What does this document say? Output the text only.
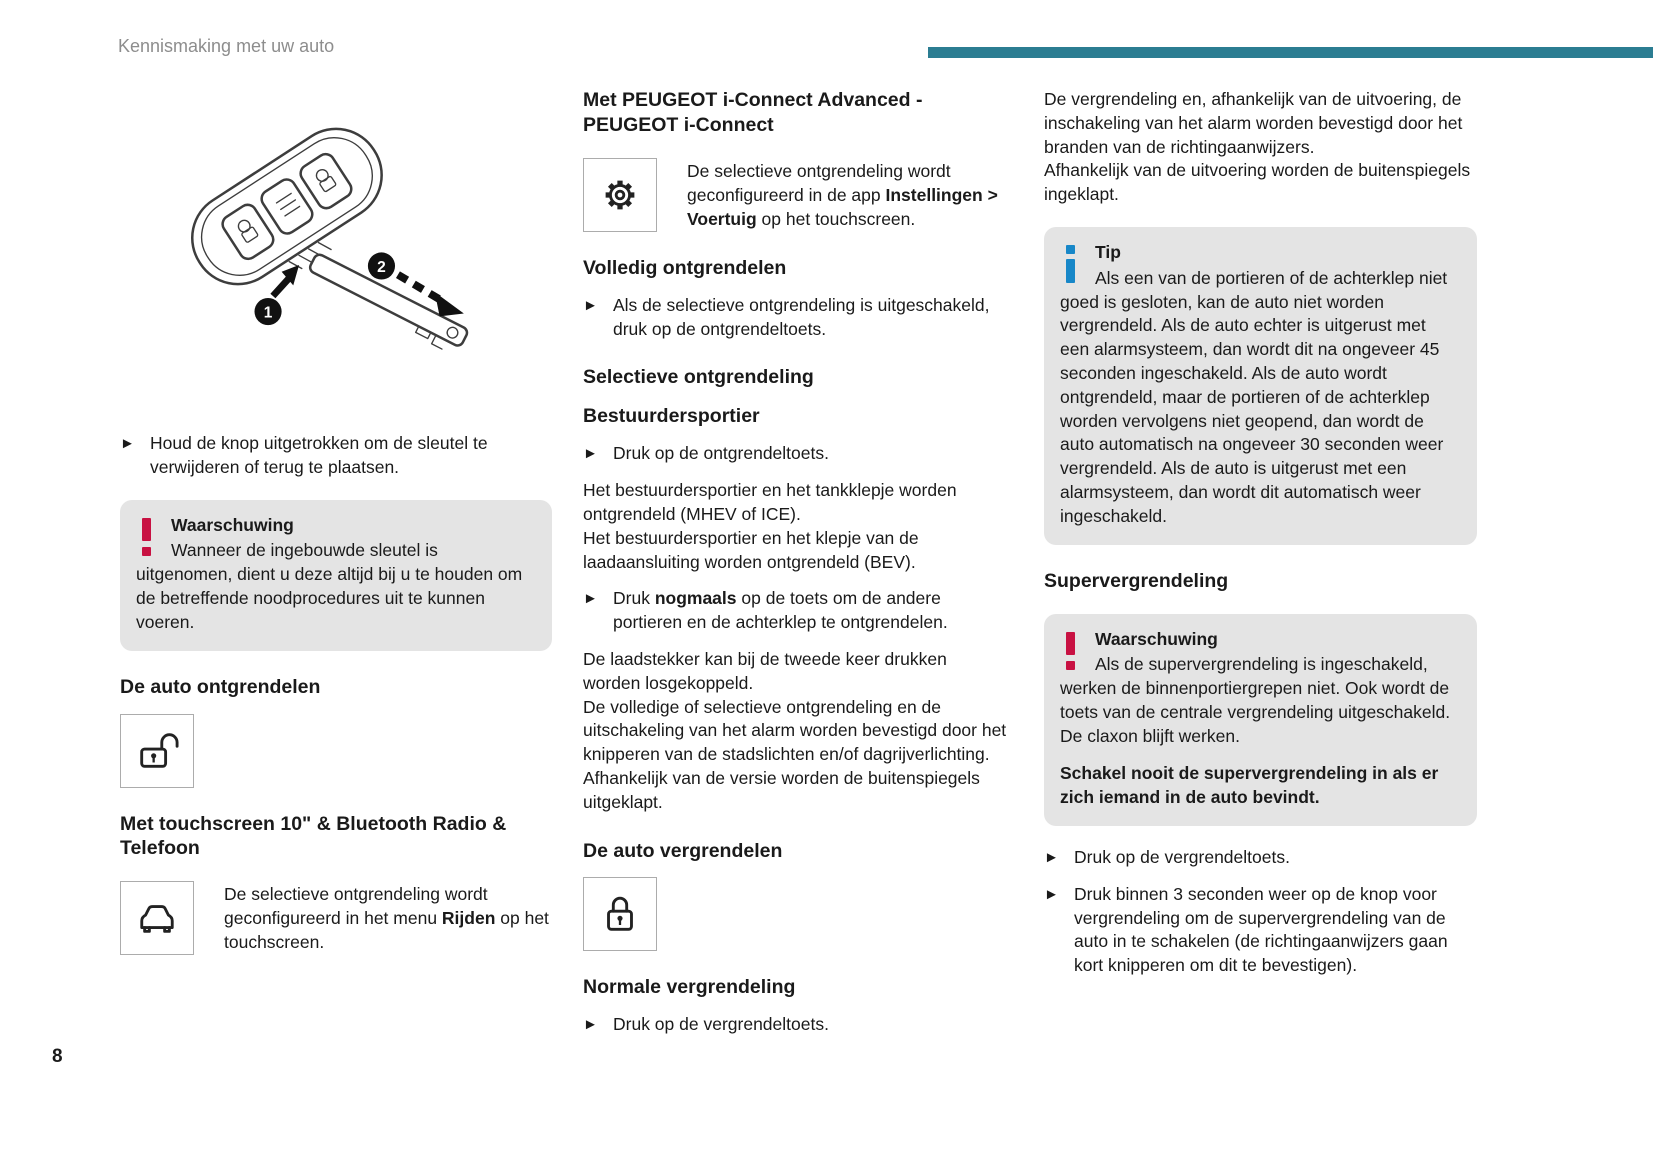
Kennismaking met uw auto
8
1
2
► Houd de knop uitgetrokken om de sleutel te verwijderen of terug te plaatsen.
Waarschuwing
Wanneer de ingebouwde sleutel is uitgenomen, dient u deze altijd bij u te houden om de betreffende noodprocedures uit te kunnen voeren.
De auto ontgrendelen
Met touchscreen 10" & Bluetooth Radio & Telefoon

De selectieve ontgrendeling wordt geconfigureerd in het menu Rijden op het touchscreen.

Met PEUGEOT i-Connect Advanced - PEUGEOT i-Connect

De selectieve ontgrendeling wordt geconfigureerd in de app Instellingen > Voertuig op het touchscreen.

Volledig ontgrendelen
► Als de selectieve ontgrendeling is uitgeschakeld, druk op de ontgrendeltoets.
Selectieve ontgrendeling
Bestuurdersportier
► Druk op de ontgrendeltoets.

Het bestuurdersportier en het tankklepje worden ontgrendeld (MHEV of ICE).

Het bestuurdersportier en het klepje van de laadaansluiting worden ontgrendeld (BEV).

► Druk nogmaals op de toets om de andere portieren en de achterklep te ontgrendelen.

De laadstekker kan bij de tweede keer drukken worden losgekoppeld.

De volledige of selectieve ontgrendeling en de uitschakeling van het alarm worden bevestigd door het knipperen van de stadslichten en/of dagrijverlichting.

Afhankelijk van de versie worden de buitenspiegels uitgeklapt.

De auto vergrendelen
Normale vergrendeling
► Druk op de vergrendeltoets.

De vergrendeling en, afhankelijk van de uitvoering, de inschakeling van het alarm worden bevestigd door het branden van de richtingaanwijzers.

Afhankelijk van de uitvoering worden de buitenspiegels ingeklapt.

Tip
Als een van de portieren of de achterklep niet goed is gesloten, kan de auto niet worden vergrendeld. Als de auto echter is uitgerust met een alarmsysteem, dan wordt dit na ongeveer 45 seconden ingeschakeld. Als de auto wordt ontgrendeld, maar de portieren of de achterklep worden vervolgens niet geopend, dan wordt de auto automatisch na ongeveer 30 seconden weer vergrendeld. Als de auto is uitgerust met een alarmsysteem, dan wordt dit automatisch weer ingeschakeld.
Supervergrendeling
Waarschuwing
Als de supervergrendeling is ingeschakeld, werken de binnenportiergrepen niet. Ook wordt de toets van de centrale vergrendeling uitgeschakeld. De claxon blijft werken.
Schakel nooit de supervergrendeling in als er zich iemand in de auto bevindt.
► Druk op de vergrendeltoets.
► Druk binnen 3 seconden weer op de knop voor vergrendeling om de supervergrendeling van de auto in te schakelen (de richtingaanwijzers gaan kort knipperen om dit te bevestigen).
